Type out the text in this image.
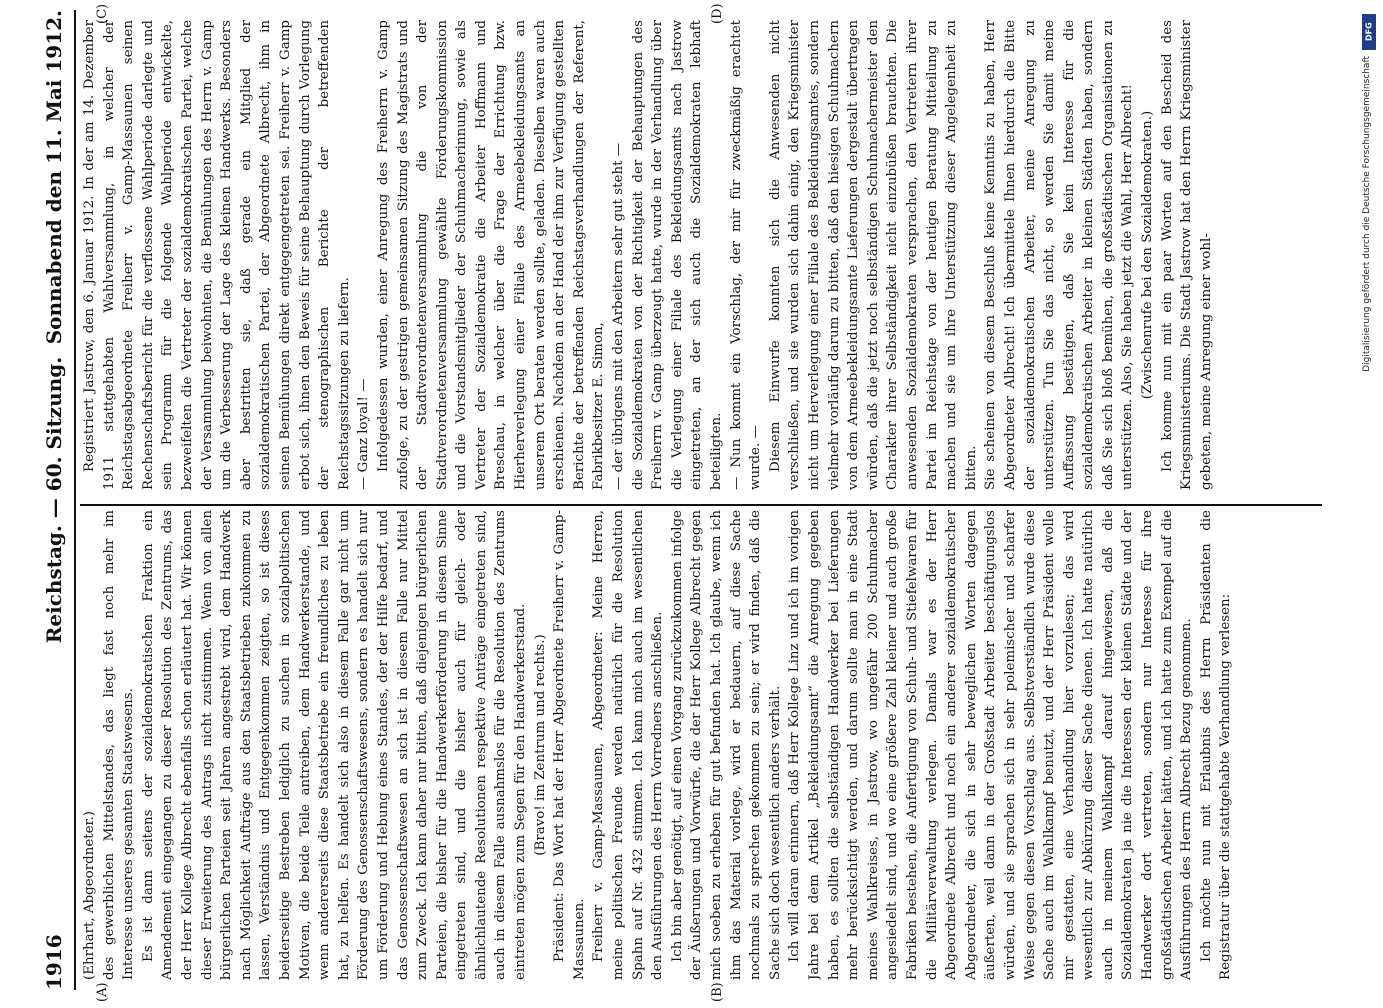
1916
Reichstag. — 60. Sitzung.
Sonnabend den 11. Mai 1912.
(A)	(B)
(C)	(D)

(Ehrhart, Abgeordneter.) des gewerblichen Mittelstandes, das liegt fast noch mehr im Interesse unseres gesamten Staatswesens. Es ist dann seitens der sozialdemokratischen Fraktion ein Amendement eingegangen zu dieser Resolution des Zentrums, das der Herr Kollege Albrecht ebenfalls schon erläutert hat. Wir können dieser Erweiterung des Antrags nicht zustimmen. Wenn von allen bürgerlichen Parteien seit Jahren angestrebt wird, dem Handwerk nach Möglichkeit Aufträge aus den Staatsbetrieben zukommen zu lassen, Verständnis und Entgegenkommen zeigten, so ist dieses beiderseitige Bestreben lediglich zu suchen in sozialpolitischen Motiven, die beide Teile antreiben, dem Handwerkerstande, und wenn andererseits diese Staatsbetriebe ein freundliches zu leben hat, zu helfen. Es handelt sich also in diesem Falle gar nicht um Förderung des Genossenschaftswesens, sondern es handelt sich nur um Förderung und Hebung eines Standes, der der Hilfe bedarf, und das Genossenschaftswesen an sich ist in diesem Falle nur Mittel zum Zweck. Ich kann daher nur bitten, daß diejenigen bürgerlichen Parteien, die bisher für die Handwerkerförderung in diesem Sinne eingetreten sind, und die bisher auch für gleich- oder ähnlichlautende Resolutionen respektive Anträge eingetreten sind, auch in diesem Falle ausnahmslos für die Resolution des Zentrums eintreten mögen zum Segen für den Handwerkerstand. (Bravo! im Zentrum und rechts.) Präsident: Das Wort hat der Herr Abgeordnete Freiherr v. Gamp-Massaunen. Freiherr v. Gamp-Massaunen, Abgeordneter: Meine Herren, meine politischen Freunde werden natürlich für die Resolution Spahn auf Nr. 432 stimmen. Ich kann mich auch im wesentlichen den Ausführungen des Herrn Vorredners anschließen. Ich bin aber genötigt, auf einen Vorgang zurückzukommen infolge der Äußerungen und Vorwürfe, die der Herr Kollege Albrecht gegen mich soeben zu erheben für gut befunden hat. Ich glaube, wenn ich ihm das Material vorlege, wird er bedauern, auf diese Sache nochmals zu sprechen gekommen zu sein; er wird finden, daß die Sache sich doch wesentlich anders verhält. Ich will daran erinnern, daß Herr Kollege Linz und ich im vorigen Jahre bei dem Artikel „Bekleidungsamt“ die Anregung gegeben haben, es sollten die selbständigen Handwerker bei Lieferungen mehr berücksichtigt werden, und darum sollte man in eine Stadt meines Wahlkreises, in Jastrow, wo ungefähr 200 Schuhmacher angesiedelt sind, und wo eine größere Zahl kleiner und auch große Fabriken bestehen, die Anfertigung von Schuh- und Stiefelwaren für die Militärverwaltung verlegen. Damals war es der Herr Abgeordnete Albrecht und noch ein anderer sozialdemokratischer Abgeordneter, die sich in sehr beweglichen Worten dagegen äußerten, weil dann in der Großstadt Arbeiter beschäftigungslos würden, und sie sprachen sich in sehr polemischer und scharfer Weise gegen diesen Vorschlag aus. Selbstverständlich wurde diese Sache auch im Wahlkampf benutzt, und der Herr Präsident wolle mir gestatten, eine Verhandlung hier vorzulesen; das wird wesentlich zur Abkürzung dieser Sache dienen. Ich hatte natürlich auch in meinem Wahlkampf darauf hingewiesen, daß die Sozialdemokraten ja nie die Interessen der kleinen Städte und der Handwerker dort vertreten, sondern nur Interesse für ihre großstädtischen Arbeiter hätten, und ich hatte zum Exempel auf die Ausführungen des Herrn Albrecht Bezug genommen. Ich möchte nun mit Erlaubnis des Herrn Präsidenten die Registratur über die stattgehabte Verhandlung verlesen:

Registriert Jastrow, den 6. Januar 1912. In der am 14. Dezember 1911 stattgehabten Wahlversammlung, in welcher der Reichstagsabgeordnete Freiherr v. Gamp-Massaunen seinen Rechenschaftsbericht für die verflossene Wahlperiode darlegte und sein Programm für die folgende Wahlperiode entwickelte, bezweifelten die Vertreter der sozialdemokratischen Partei, welche der Versammlung beiwohnten, die Bemühungen des Herrn v. Gamp um die Verbesserung der Lage des kleinen Handwerks. Besonders aber bestritten sie, daß gerade ein Mitglied der sozialdemokratischen Partei, der Abgeordnete Albrecht, ihm in seinen Bemühungen direkt entgegengetreten sei. Freiherr v. Gamp erbot sich, ihnen den Beweis für seine Behauptung durch Vorlegung der stenographischen Berichte der betreffenden Reichstagssitzungen zu liefern. — Ganz loyal! — Infolgedessen wurden, einer Anregung des Freiherrn v. Gamp zufolge, zu der gestrigen gemeinsamen Sitzung des Magistrats und der Stadtverordnetenversammlung die von der Stadtverordnetenversammlung gewählte Förderungskommission und die Vorstandsmitglieder der Schuhmacherinnung, sowie als Vertreter der Sozialdemokratie die Arbeiter Hoffmann und Breschau, in welcher über die Frage der Errichtung bzw. Hierherverlegung einer Filiale des Armeebekleidungsamts an unserem Ort beraten werden sollte, geladen. Dieselben waren auch erschienen. Nachdem an der Hand der ihm zur Verfügung gestellten Berichte der betreffenden Reichstagsverhandlungen der Referent, Fabrikbesitzer E. Simon, — der übrigens mit den Arbeitern sehr gut steht — die Sozialdemokraten von der Richtigkeit der Behauptungen des Freiherrn v. Gamp überzeugt hatte, wurde in der Verhandlung über die Verlegung einer Filiale des Bekleidungsamts nach Jastrow eingetreten, an der sich auch die Sozialdemokraten lebhaft beteiligten. — Nun kommt ein Vorschlag, der mir für zweckmäßig erachtet wurde. — Diesem Einwurfe konnten sich die Anwesenden nicht verschließen, und sie wurden sich dahin einig, den Kriegsminister nicht um Herverlegung einer Filiale des Bekleidungsamtes, sondern vielmehr vorläufig darum zu bitten, daß den hiesigen Schuhmachern von dem Armeebekleidungsamte Lieferungen dergestalt übertragen würden, daß die jetzt noch selbständigen Schuhmachermeister den Charakter ihrer Selbständigkeit nicht einzubüßen brauchten. Die anwesenden Sozialdemokraten versprachen, den Vertretern ihrer Partei im Reichstage von der heutigen Beratung Mitteilung zu machen und sie um ihre Unterstützung dieser Angelegenheit zu bitten. Sie scheinen von diesem Beschluß keine Kenntnis zu haben, Herr Abgeordneter Albrecht! Ich übermittele Ihnen hierdurch die Bitte der sozialdemokratischen Arbeiter, meine Anregung zu unterstützen. Tun Sie das nicht, so werden Sie damit meine Auffassung bestätigen, daß Sie kein Interesse für die sozialdemokratischen Arbeiter in kleinen Städten haben, sondern daß Sie sich bloß bemühen, die großstädtischen Organisationen zu unterstützen. Also, Sie haben jetzt die Wahl, Herr Albrecht! (Zwischenrufe bei den Sozialdemokraten.) Ich komme nun mit ein paar Worten auf den Bescheid des Kriegsministeriums. Die Stadt Jastrow hat den Herrn Kriegsminister gebeten, meine Anregung einer wohl-

DFG
Digitalisierung gefördert durch die Deutsche Forschungsgemeinschaft
